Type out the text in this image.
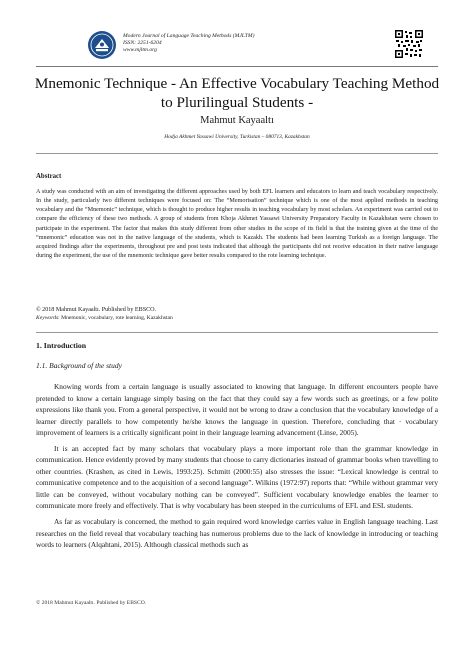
Modern Journal of Language Teaching Methods (MJLTM)
ISSN: 2251-6204
www.mjltm.org
Mnemonic Technique - An Effective Vocabulary Teaching Method
to Plurilingual Students -
Mahmut Kayaaltı
Hodja Akhmet Yassawi University, Turkistan – 080713, Kazakhstan
Abstract
A study was conducted with an aim of investigating the different approaches used by both EFL learners and educators to learn and teach vocabulary respectively. In the study, particularly two different techniques were focused on: The “Memorisation” technique which is one of the most applied methods in teaching vocabulary and the “Mnemonic” technique, which is thought to produce higher results in teaching vocabulary by most scholars. An experiment was carried out to compare the efficiency of these two methods. A group of students from Khoja Akhmet Yassawi University Preparatory Faculty in Kazakhstan were chosen to participate in the experiment. The factor that makes this study different from other studies in the scope of its field is that the training given at the time of the “mnemonic” education was not in the native language of the students, which is Kazakh. The students had been learning Turkish as a foreign language. The acquired findings after the experiments, throughout pre and post tests indicated that although the participants did not receive education in their native language during the experiment, the use of the mnemonic technique gave better results compared to the rote learning technique.
© 2018 Mahmut Kayaaltı. Published by EBSCO.
Keywords: Mnemonic, vocabulary, rote learning, Kazakhstan
1. Introduction
1.1. Background of the study

Knowing words from a certain language is usually associated to knowing that language. In different encounters people have pretended to know a certain language simply basing on the fact that they could say a few words such as greetings, or a few polite expressions like thank you. From a general perspective, it would not be wrong to draw a conclusion that the vocabulary knowledge of a learner directly parallels to how competently he/she knows the language in question. Therefore, concluding that · vocabulary improvement of learners is a critically significant point in their language learning advancement (Linse, 2005).

It is an accepted fact by many scholars that vocabulary plays a more important role than the grammar knowledge in communication. Hence evidently proved by many students that choose to carry dictionaries instead of grammar books when travelling to other countries. (Krashen, as cited in Lewis, 1993:25). Schmitt (2000:55) also stresses the issue: “Lexical knowledge is central to communicative competence and to the acquisition of a second language”. Wilkins (1972:97) reports that: “While without grammar very little can be conveyed, without vocabulary nothing can be conveyed”. Sufficient vocabulary knowledge enables the learner to communicate more freely and effectively. That is why vocabulary has been steeped in the curriculums of EFL and ESL students.

As far as vocabulary is concerned, the method to gain required word knowledge carries value in English language teaching. Last researches on the field reveal that vocabulary teaching has numerous problems due to the lack of knowledge in introducing or teaching words to learners (Alqahtani, 2015). Although classical methods such as

© 2018 Mahmut Kayaaltı. Published by EBSCO.
